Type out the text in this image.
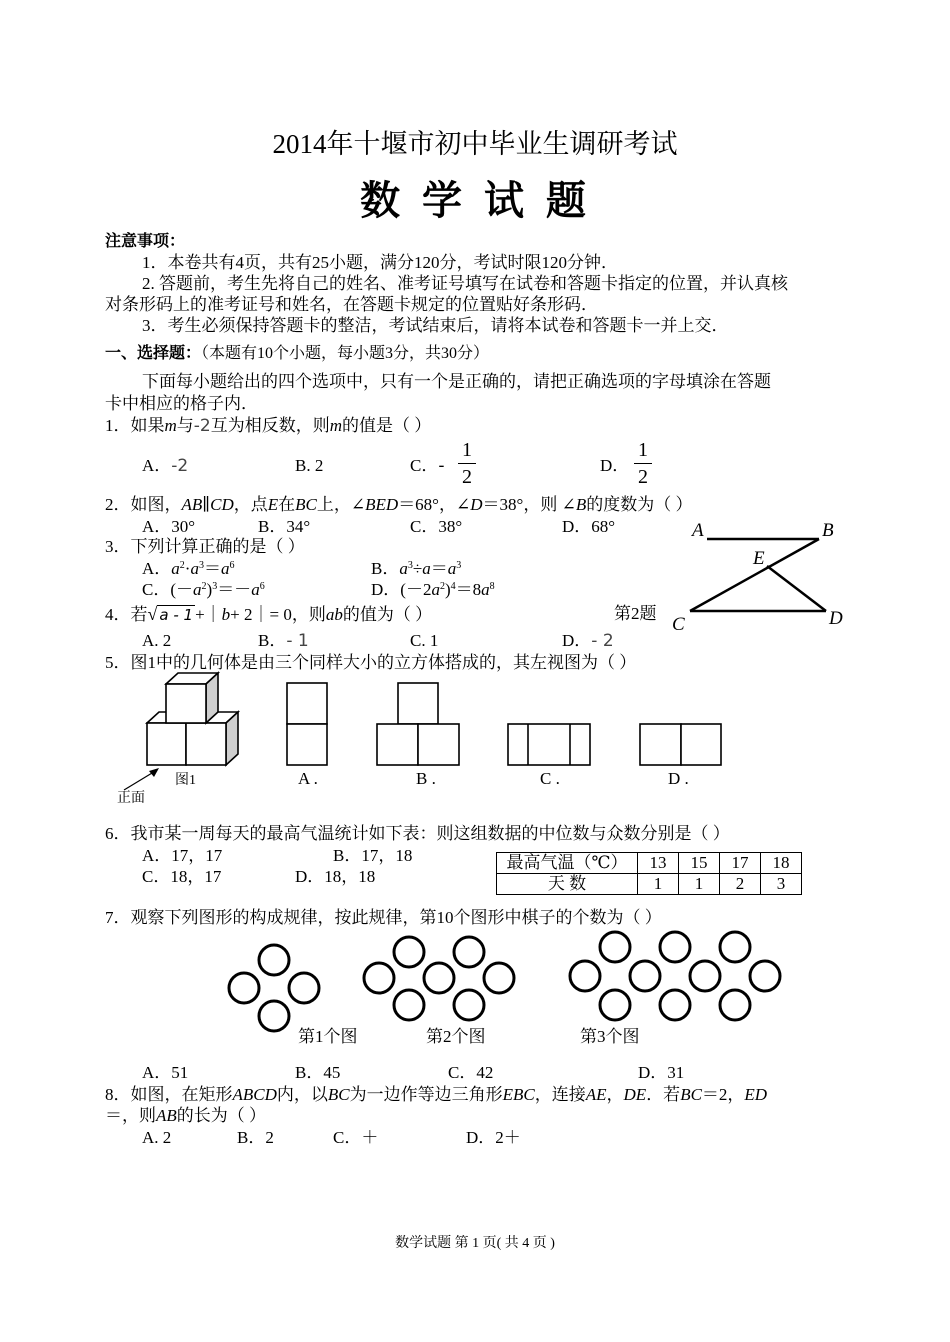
2014年十堰市初中毕业生调研考试
数 学 试 题
注意事项：
1．本卷共有4页，共有25小题，满分120分，考试时限120分钟．
2. 答题前，考生先将自己的姓名、准考证号填写在试卷和答题卡指定的位置，并认真核
对条形码上的准考证号和姓名，在答题卡规定的位置贴好条形码．
3．考生必须保持答题卡的整洁，考试结束后，请将本试卷和答题卡一并上交．
一、选择题：（本题有10个小题，每小题3分，共30分）
下面每小题给出的四个选项中，只有一个是正确的，请把正确选项的字母填涂在答题
卡中相应的格子内．
1．如果m与-2互为相反数，则m的值是（ ）
A．-2	B. 2	C．-
1
2
D．
1
2
2．如图，AB∥CD，点E在BC上，∠BED＝68°，∠D＝38°，则 ∠B的度数为（ ）
A．30°	B．34°	C．38°	D．68°	A	B
E
C	D
第2题
3．下列计算正确的是（ ）
A．$a^2\cdot a^3=a^6$	B．$a^3\div a=a^3$
C．$(-a^2)^3=-a^6$	D．$(-2a^2)^4=8a^8$
4．若√ a - 1 +｜b+ 2｜= 0，则ab的值为（ ）
A. 2	B．- 1	C. 1	D．- 2
5．图1中的几何体是由三个同样大小的立方体搭成的，其左视图为（ ）
图1
正面
A .	B .	C .	D .
6．我市某一周每天的最高气温统计如下表：则这组数据的中位数与众数分别是（ ）
A．17，17	B．17，18
C．18，17	D．18，18
最高气温（℃）	13	15	17	18
天 数	1	1	2	3
7．观察下列图形的构成规律，按此规律，第10个图形中棋子的个数为（ ）
第1个图	第2个图	第3个图
A．51	B．45	C．42	D．31
8．如图，在矩形ABCD内，以BC为一边作等边三角形EBC，连接AE，DE．若BC＝2，ED
＝，则AB的长为（ ）
A. 2	B．2	C．＋	D．2＋
数学试题 第 1 页( 共 4 页 )
